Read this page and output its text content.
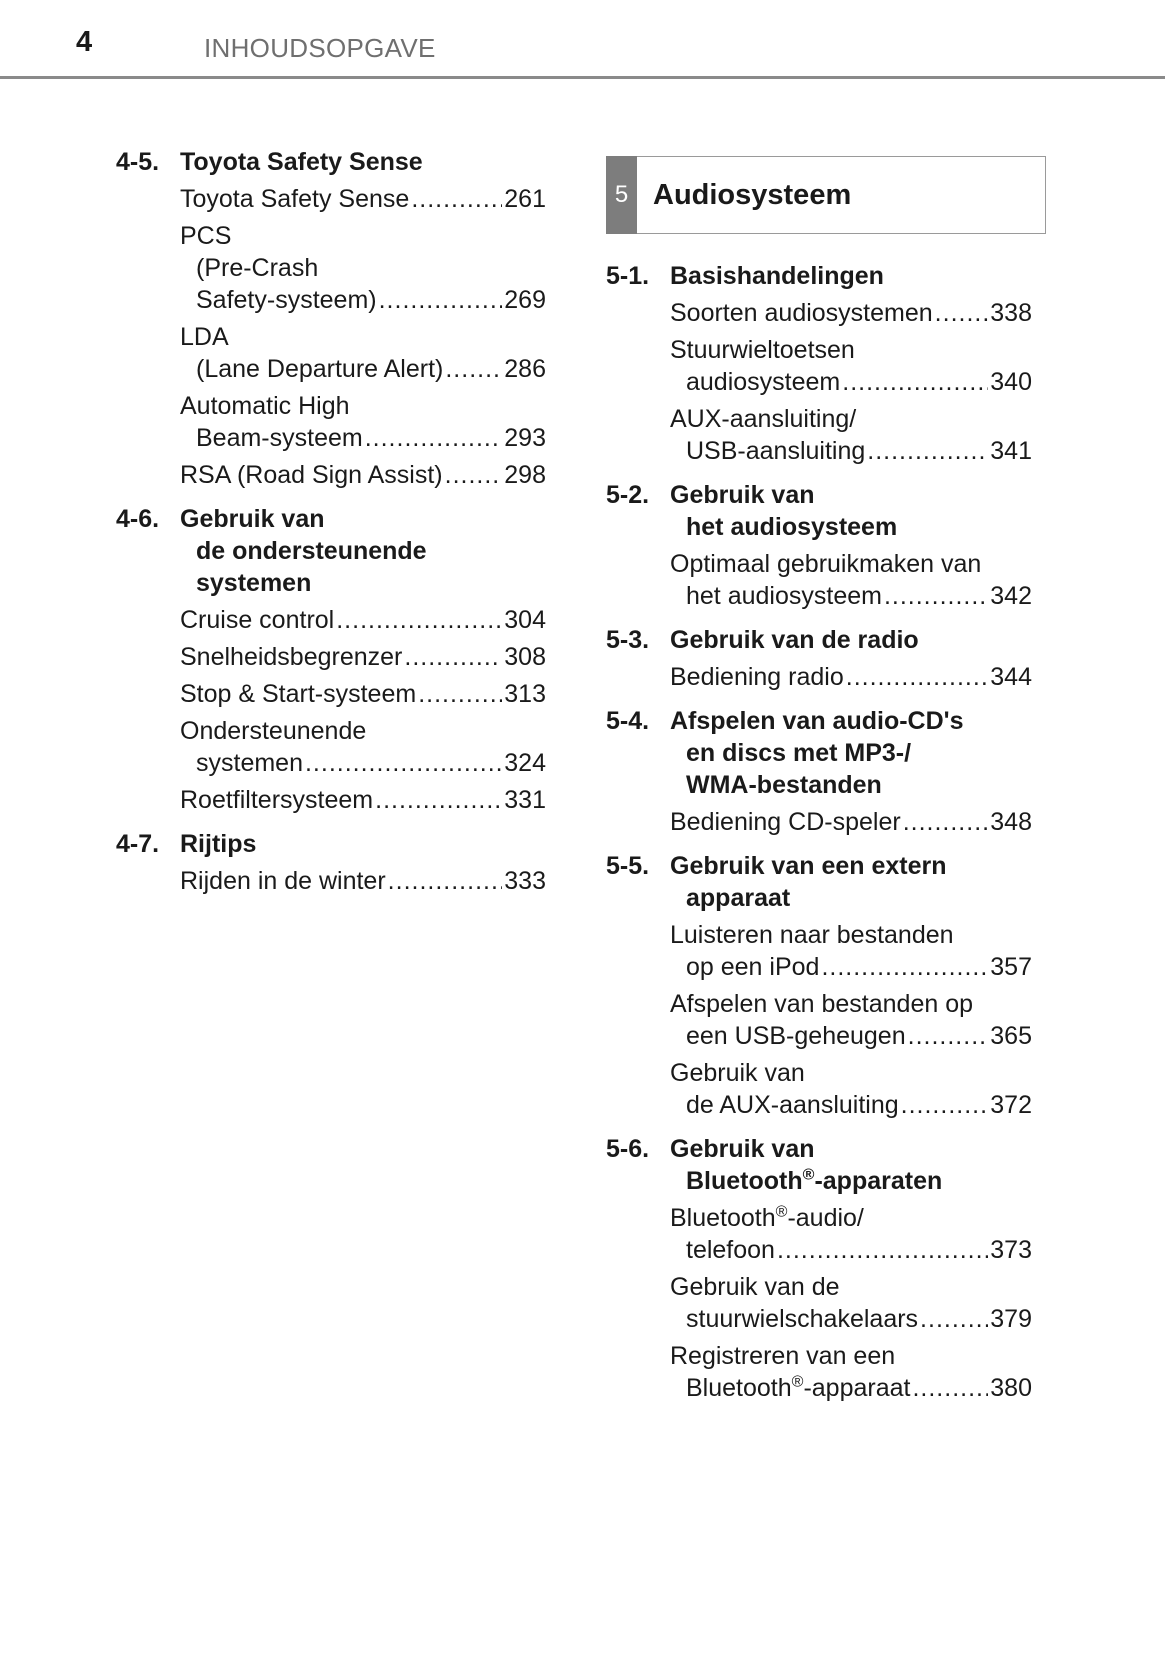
4	INHOUDSOPGAVE
4-5. Toyota Safety Sense
Toyota Safety Sense .....	261
PCS
(Pre-Crash
Safety-systeem) .....	269
LDA
(Lane Departure Alert) ..... 286
Automatic High
Beam-systeem .....	293
RSA (Road Sign Assist) ..... 298
4-6. Gebruik van
de ondersteunende
systemen
Cruise control .....	304
Snelheidsbegrenzer .....	308
Stop & Start-systeem .....	313
Ondersteunende
systemen .....	324
Roetfiltersysteem .....	331
4-7. Rijtips
Rijden in de winter .....	333
5 Audiosysteem
5-1. Basishandelingen
Soorten audiosystemen ..... 338
Stuurwieltoetsen
audiosysteem .....	340
AUX-aansluiting/
USB-aansluiting .....	341
5-2. Gebruik van
het audiosysteem
Optimaal gebruikmaken van
het audiosysteem .....	342
5-3. Gebruik van de radio
Bediening radio .....	344
5-4. Afspelen van audio-CD's
en discs met MP3-/
WMA-bestanden
Bediening CD-speler .....	348
5-5. Gebruik van een extern
apparaat
Luisteren naar bestanden
op een iPod .....	357
Afspelen van bestanden op
een USB-geheugen .....	365
Gebruik van
de AUX-aansluiting .....	372
5-6. Gebruik van
Bluetooth®-apparaten
Bluetooth®-audio/
telefoon .....	373
Gebruik van de
stuurwielschakelaars .....	379
Registreren van een
Bluetooth®-apparaat .....	380
